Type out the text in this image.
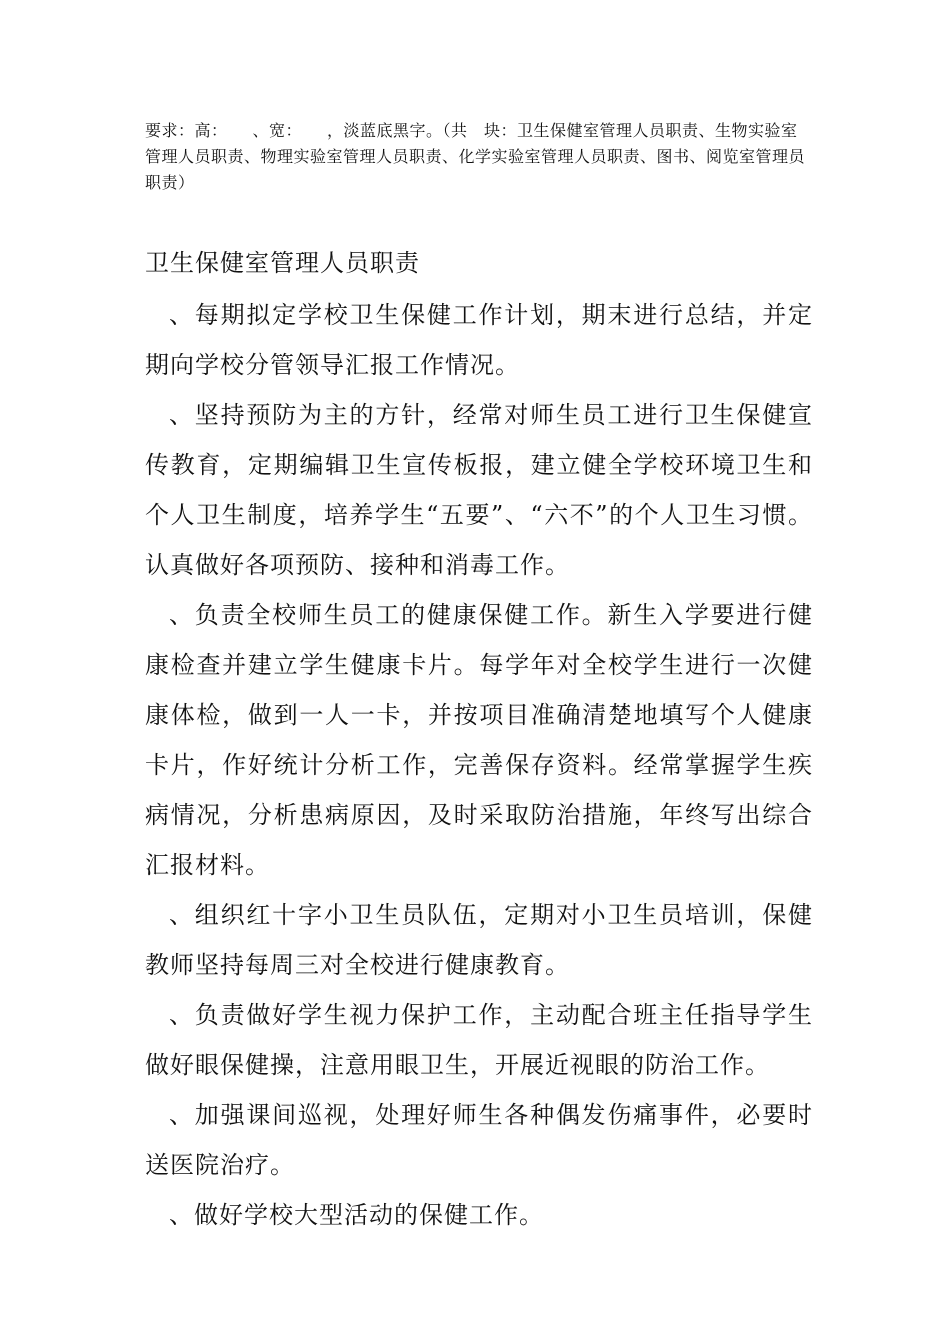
要求：高：　　、宽：　　，淡蓝底黑字。（共　块：卫生保健室管理人员职责、生物实验室管理人员职责、物理实验室管理人员职责、化学实验室管理人员职责、图书、阅览室管理员职责）
卫生保健室管理人员职责

、每期拟定学校卫生保健工作计划，期末进行总结，并定期向学校分管领导汇报工作情况。

、坚持预防为主的方针，经常对师生员工进行卫生保健宣传教育，定期编辑卫生宣传板报，建立健全学校环境卫生和个人卫生制度，培养学生“五要”、“六不”的个人卫生习惯。认真做好各项预防、接种和消毒工作。

、负责全校师生员工的健康保健工作。新生入学要进行健康检查并建立学生健康卡片。每学年对全校学生进行一次健康体检，做到一人一卡，并按项目准确清楚地填写个人健康卡片，作好统计分析工作，完善保存资料。经常掌握学生疾病情况，分析患病原因，及时采取防治措施，年终写出综合汇报材料。

、组织红十字小卫生员队伍，定期对小卫生员培训，保健教师坚持每周三对全校进行健康教育。

、负责做好学生视力保护工作，主动配合班主任指导学生做好眼保健操，注意用眼卫生，开展近视眼的防治工作。

、加强课间巡视，处理好师生各种偶发伤痛事件，必要时送医院治疗。

、做好学校大型活动的保健工作。
